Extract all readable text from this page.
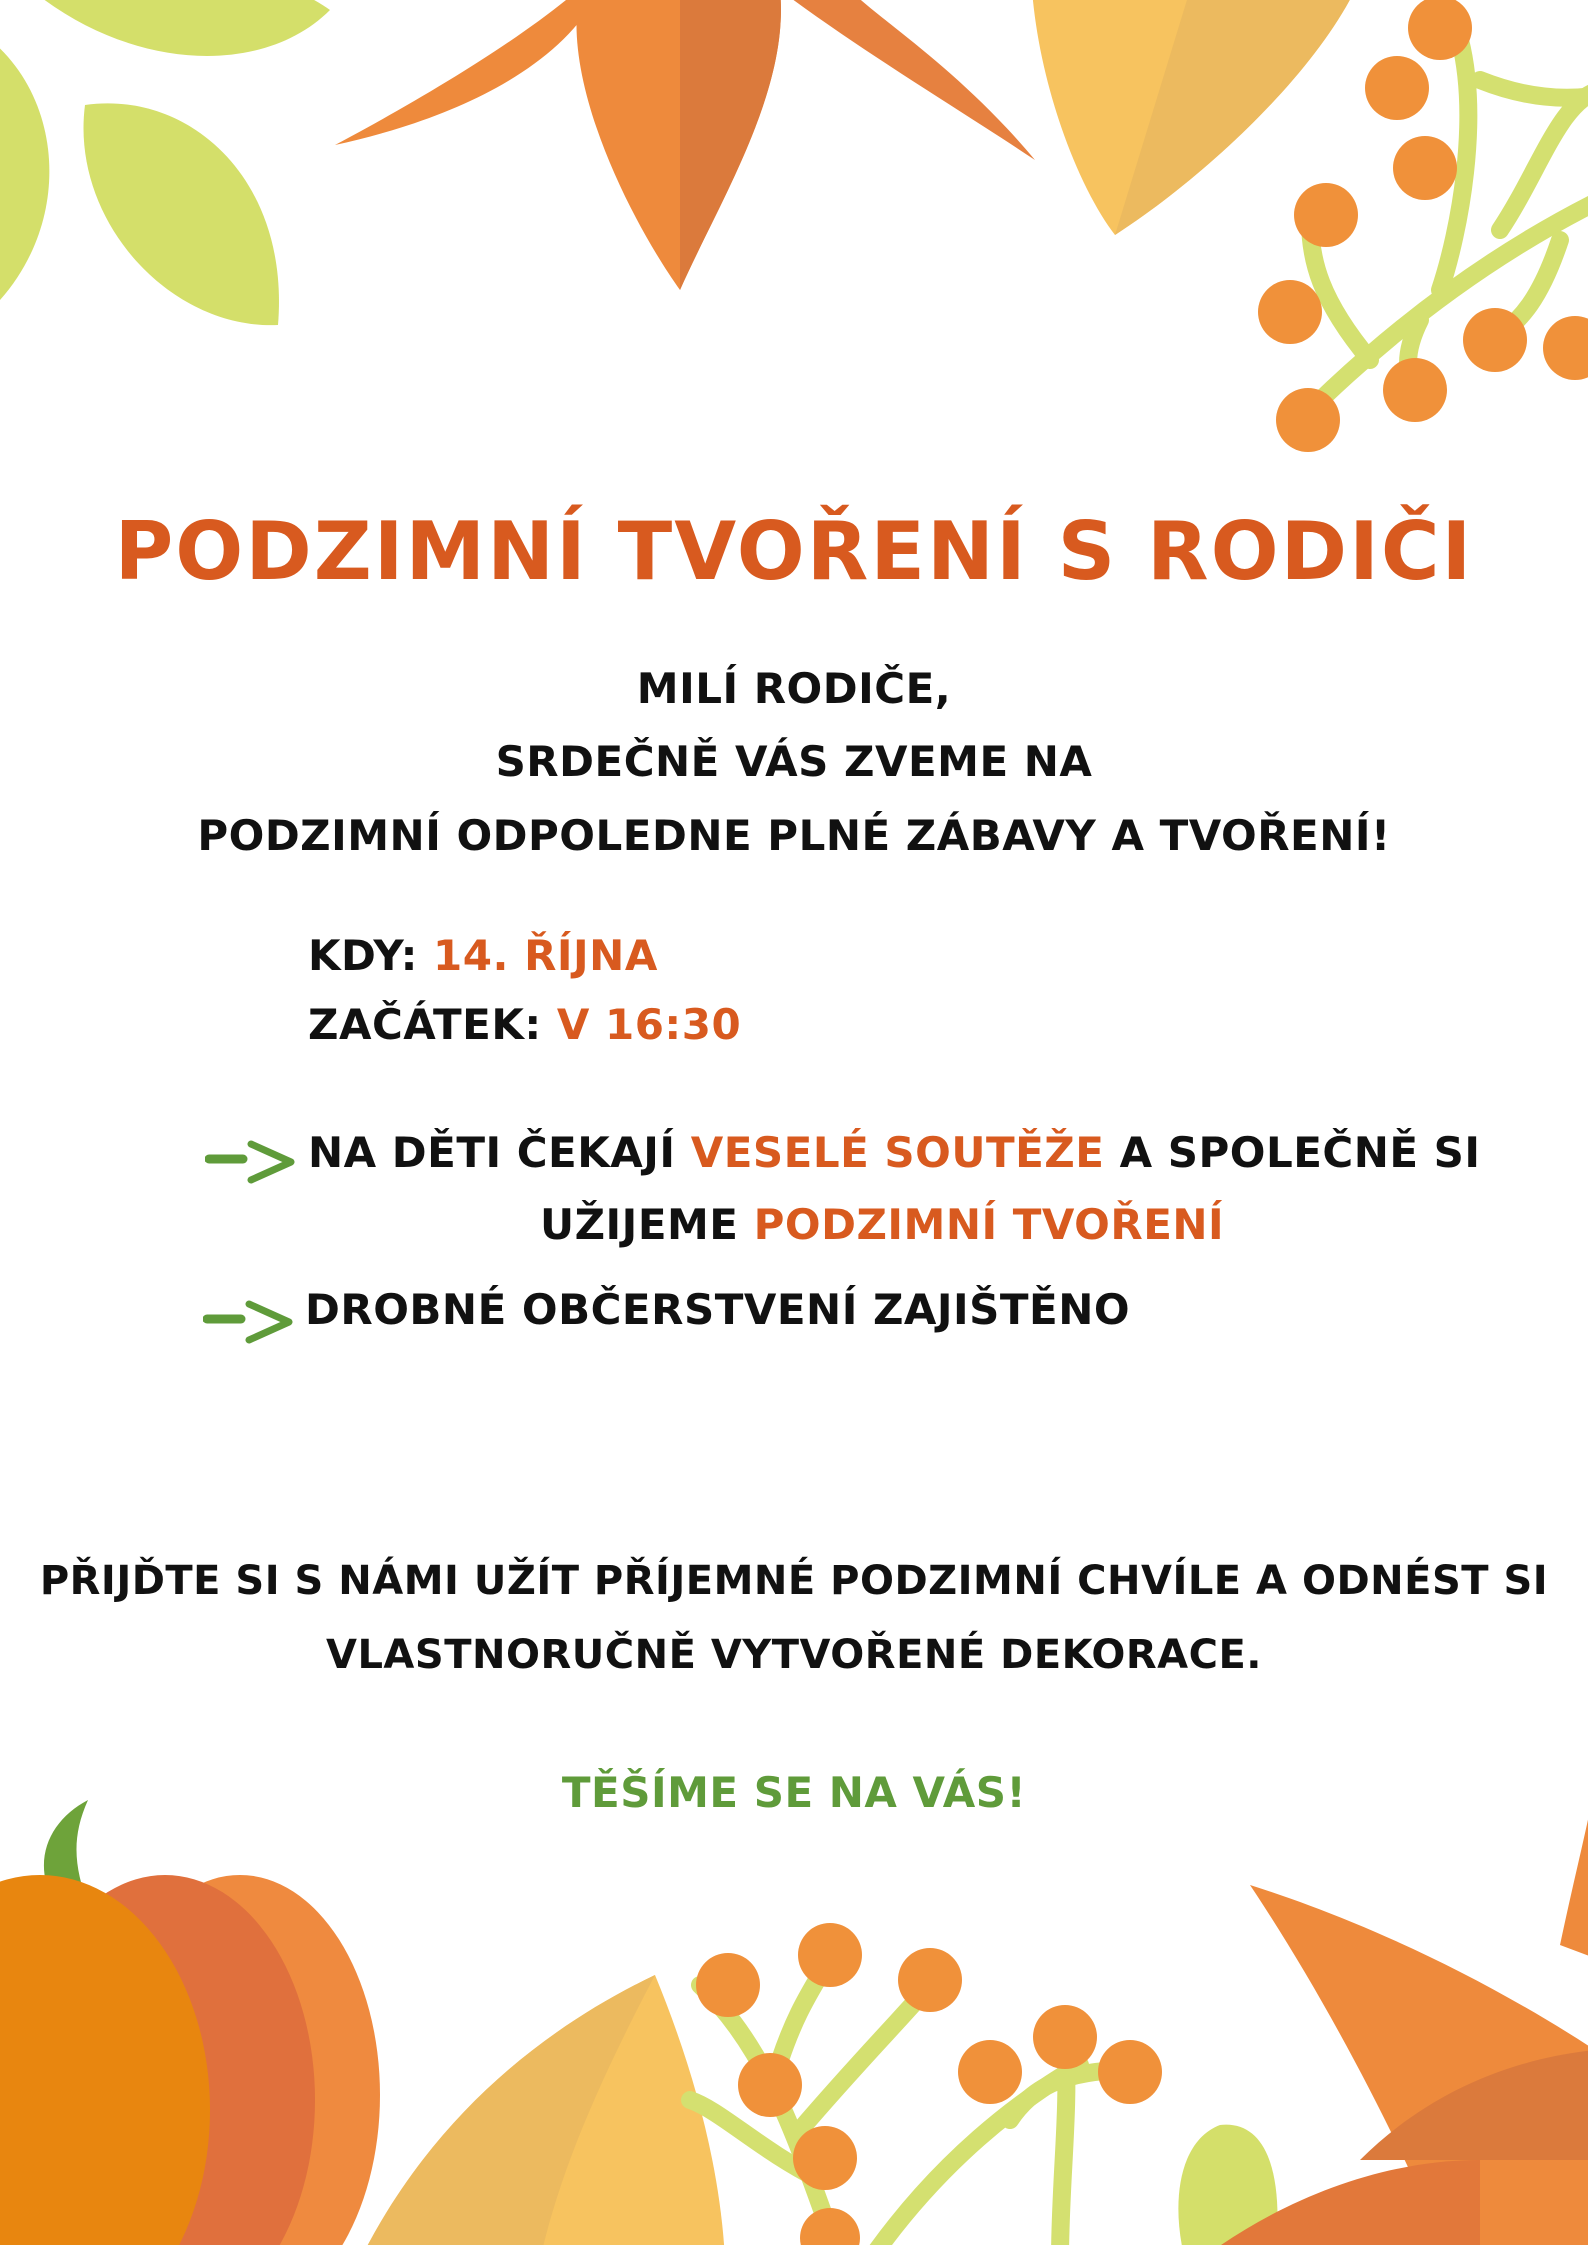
PODZIMNÍ TVOŘENÍ S RODIČI

MILÍ RODIČE,

SRDEČNĚ VÁS ZVEME NA

PODZIMNÍ ODPOLEDNE PLNÉ ZÁBAVY A TVOŘENÍ!

KDY: 14. ŘÍJNA

ZAČÁTEK: V 16:30

NA DĚTI ČEKAJÍ VESELÉ SOUTĚŽE A SPOLEČNĚ SI

UŽIJEME PODZIMNÍ TVOŘENÍ

DROBNÉ OBČERSTVENÍ ZAJIŠTĚNO

PŘIJĎTE SI S NÁMI UŽÍT PŘÍJEMNÉ PODZIMNÍ CHVÍLE A ODNÉST SI

VLASTNORUČNĚ VYTVOŘENÉ DEKORACE.

TĚŠÍME SE NA VÁS!
